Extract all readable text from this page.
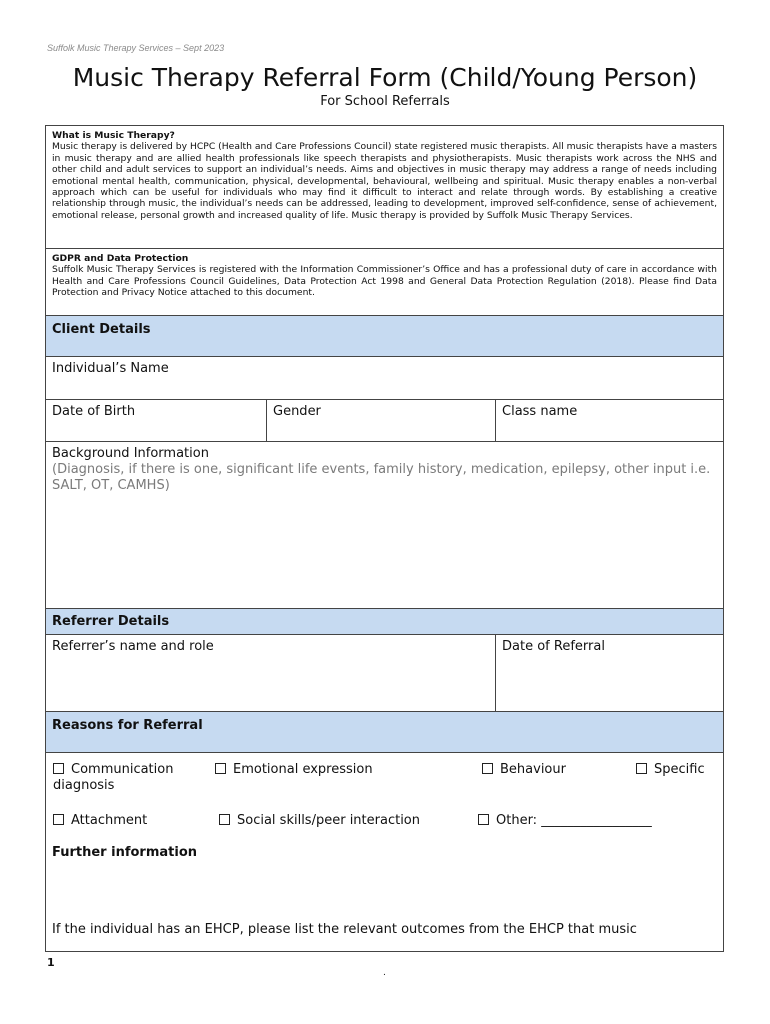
Suffolk Music Therapy Services – Sept 2023
Music Therapy Referral Form (Child/Young Person)
For School Referrals
What is Music Therapy?
Music therapy is delivered by HCPC (Health and Care Professions Council) state registered music therapists. All music therapists have a masters in music therapy and are allied health professionals like speech therapists and physiotherapists. Music therapists work across the NHS and other child and adult services to support an individual’s needs. Aims and objectives in music therapy may address a range of needs including emotional mental health, communication, physical, developmental, behavioural, wellbeing and spiritual. Music therapy enables a non-verbal approach which can be useful for individuals who may find it difficult to interact and relate through words. By establishing a creative relationship through music, the individual’s needs can be addressed, leading to development, improved self-confidence, sense of achievement, emotional release, personal growth and increased quality of life. Music therapy is provided by Suffolk Music Therapy Services.
GDPR and Data Protection
Suffolk Music Therapy Services is registered with the Information Commissioner’s Office and has a professional duty of care in accordance with Health and Care Professions Council Guidelines, Data Protection Act 1998 and General Data Protection Regulation (2018). Please find Data Protection and Privacy Notice attached to this document.
Client Details
Individual’s Name
Date of Birth	Gender	Class name
Background Information
(Diagnosis, if there is one, significant life events, family history, medication, epilepsy, other input i.e. SALT, OT, CAMHS)
Referrer Details
Referrer’s name and role	Date of Referral
Reasons for Referral
Communication
diagnosis
Emotional expression	Behaviour	Specific
Attachment	Social skills/peer interaction	Other: _________________
Further information
If the individual has an EHCP, please list the relevant outcomes from the EHCP that music
1
.
